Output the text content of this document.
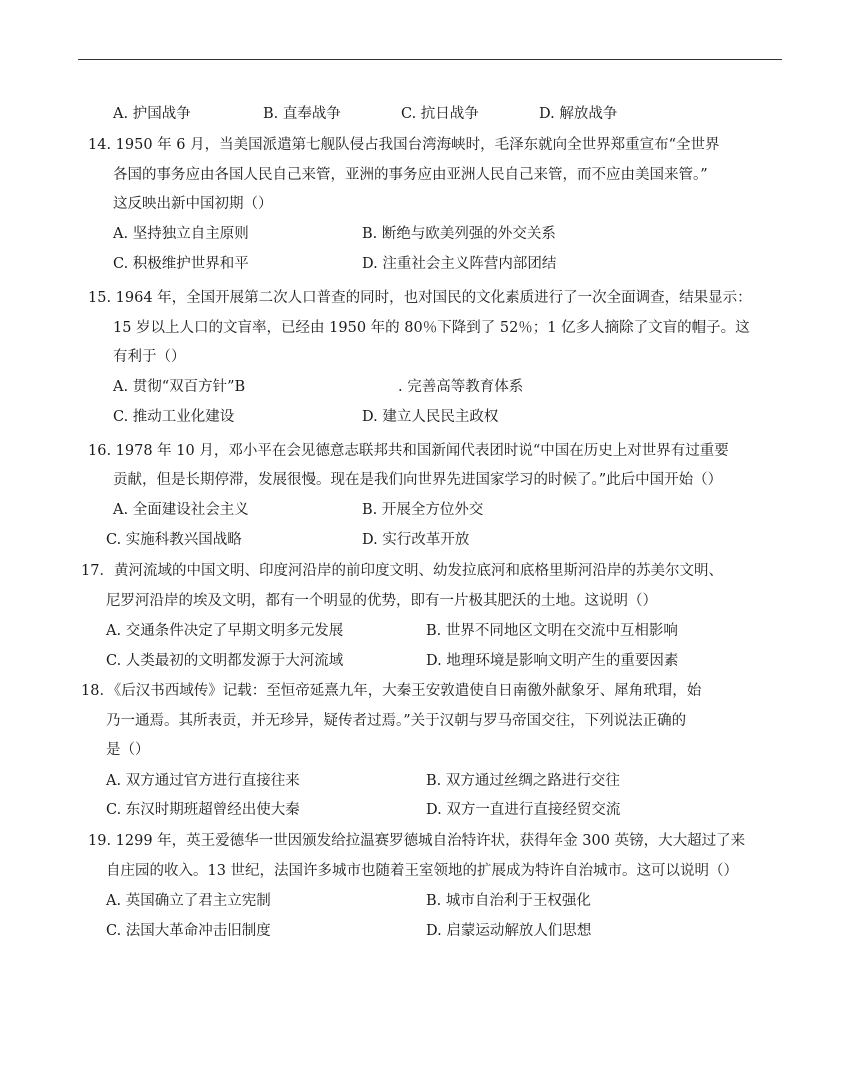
A. 护国战争	B. 直奉战争	C. 抗日战争	D. 解放战争
14. 1950 年 6 月，当美国派遣第七舰队侵占我国台湾海峡时，毛泽东就向全世界郑重宣布“全世界
各国的事务应由各国人民自己来管，亚洲的事务应由亚洲人民自己来管，而不应由美国来管。”
这反映出新中国初期（）
A. 坚持独立自主原则	B. 断绝与欧美列强的外交关系
C. 积极维护世界和平	D. 注重社会主义阵营内部团结
15. 1964 年，全国开展第二次人口普查的同时，也对国民的文化素质进行了一次全面调查，结果显示：
15 岁以上人口的文盲率，已经由 1950 年的 80％下降到了 52％；1 亿多人摘除了文盲的帽子。这
有利于（）
A. 贯彻“双百方针”B	. 完善高等教育体系
C. 推动工业化建设	D. 建立人民民主政权
16. 1978 年 10 月，邓小平在会见德意志联邦共和国新闻代表团时说“中国在历史上对世界有过重要
贡献，但是长期停滞，发展很慢。现在是我们向世界先进国家学习的时候了。”此后中国开始（）
A. 全面建设社会主义	B. 开展全方位外交
C. 实施科教兴国战略	D. 实行改革开放
17．黄河流域的中国文明、印度河沿岸的前印度文明、幼发拉底河和底格里斯河沿岸的苏美尔文明、
尼罗河沿岸的埃及文明，都有一个明显的优势，即有一片极其肥沃的土地。这说明（）
A. 交通条件决定了早期文明多元发展	B. 世界不同地区文明在交流中互相影响
C. 人类最初的文明都发源于大河流域	D. 地理环境是影响文明产生的重要因素
18．《后汉书西域传》记载：至恒帝延熹九年，大秦王安敦遣使自日南徼外献象牙、犀角玳瑁，始
乃一通焉。其所表贡，并无珍异，疑传者过焉。”关于汉朝与罗马帝国交往，下列说法正确的
是（）
A. 双方通过官方进行直接往来	B. 双方通过丝绸之路进行交往
C. 东汉时期班超曾经出使大秦	D. 双方一直进行直接经贸交流
19. 1299 年，英王爱德华一世因颁发给拉温赛罗德城自治特许状，获得年金 300 英镑，大大超过了来
自庄园的收入。13 世纪，法国许多城市也随着王室领地的扩展成为特许自治城市。这可以说明（）
A. 英国确立了君主立宪制	B. 城市自治利于王权强化
C. 法国大革命冲击旧制度	D. 启蒙运动解放人们思想
